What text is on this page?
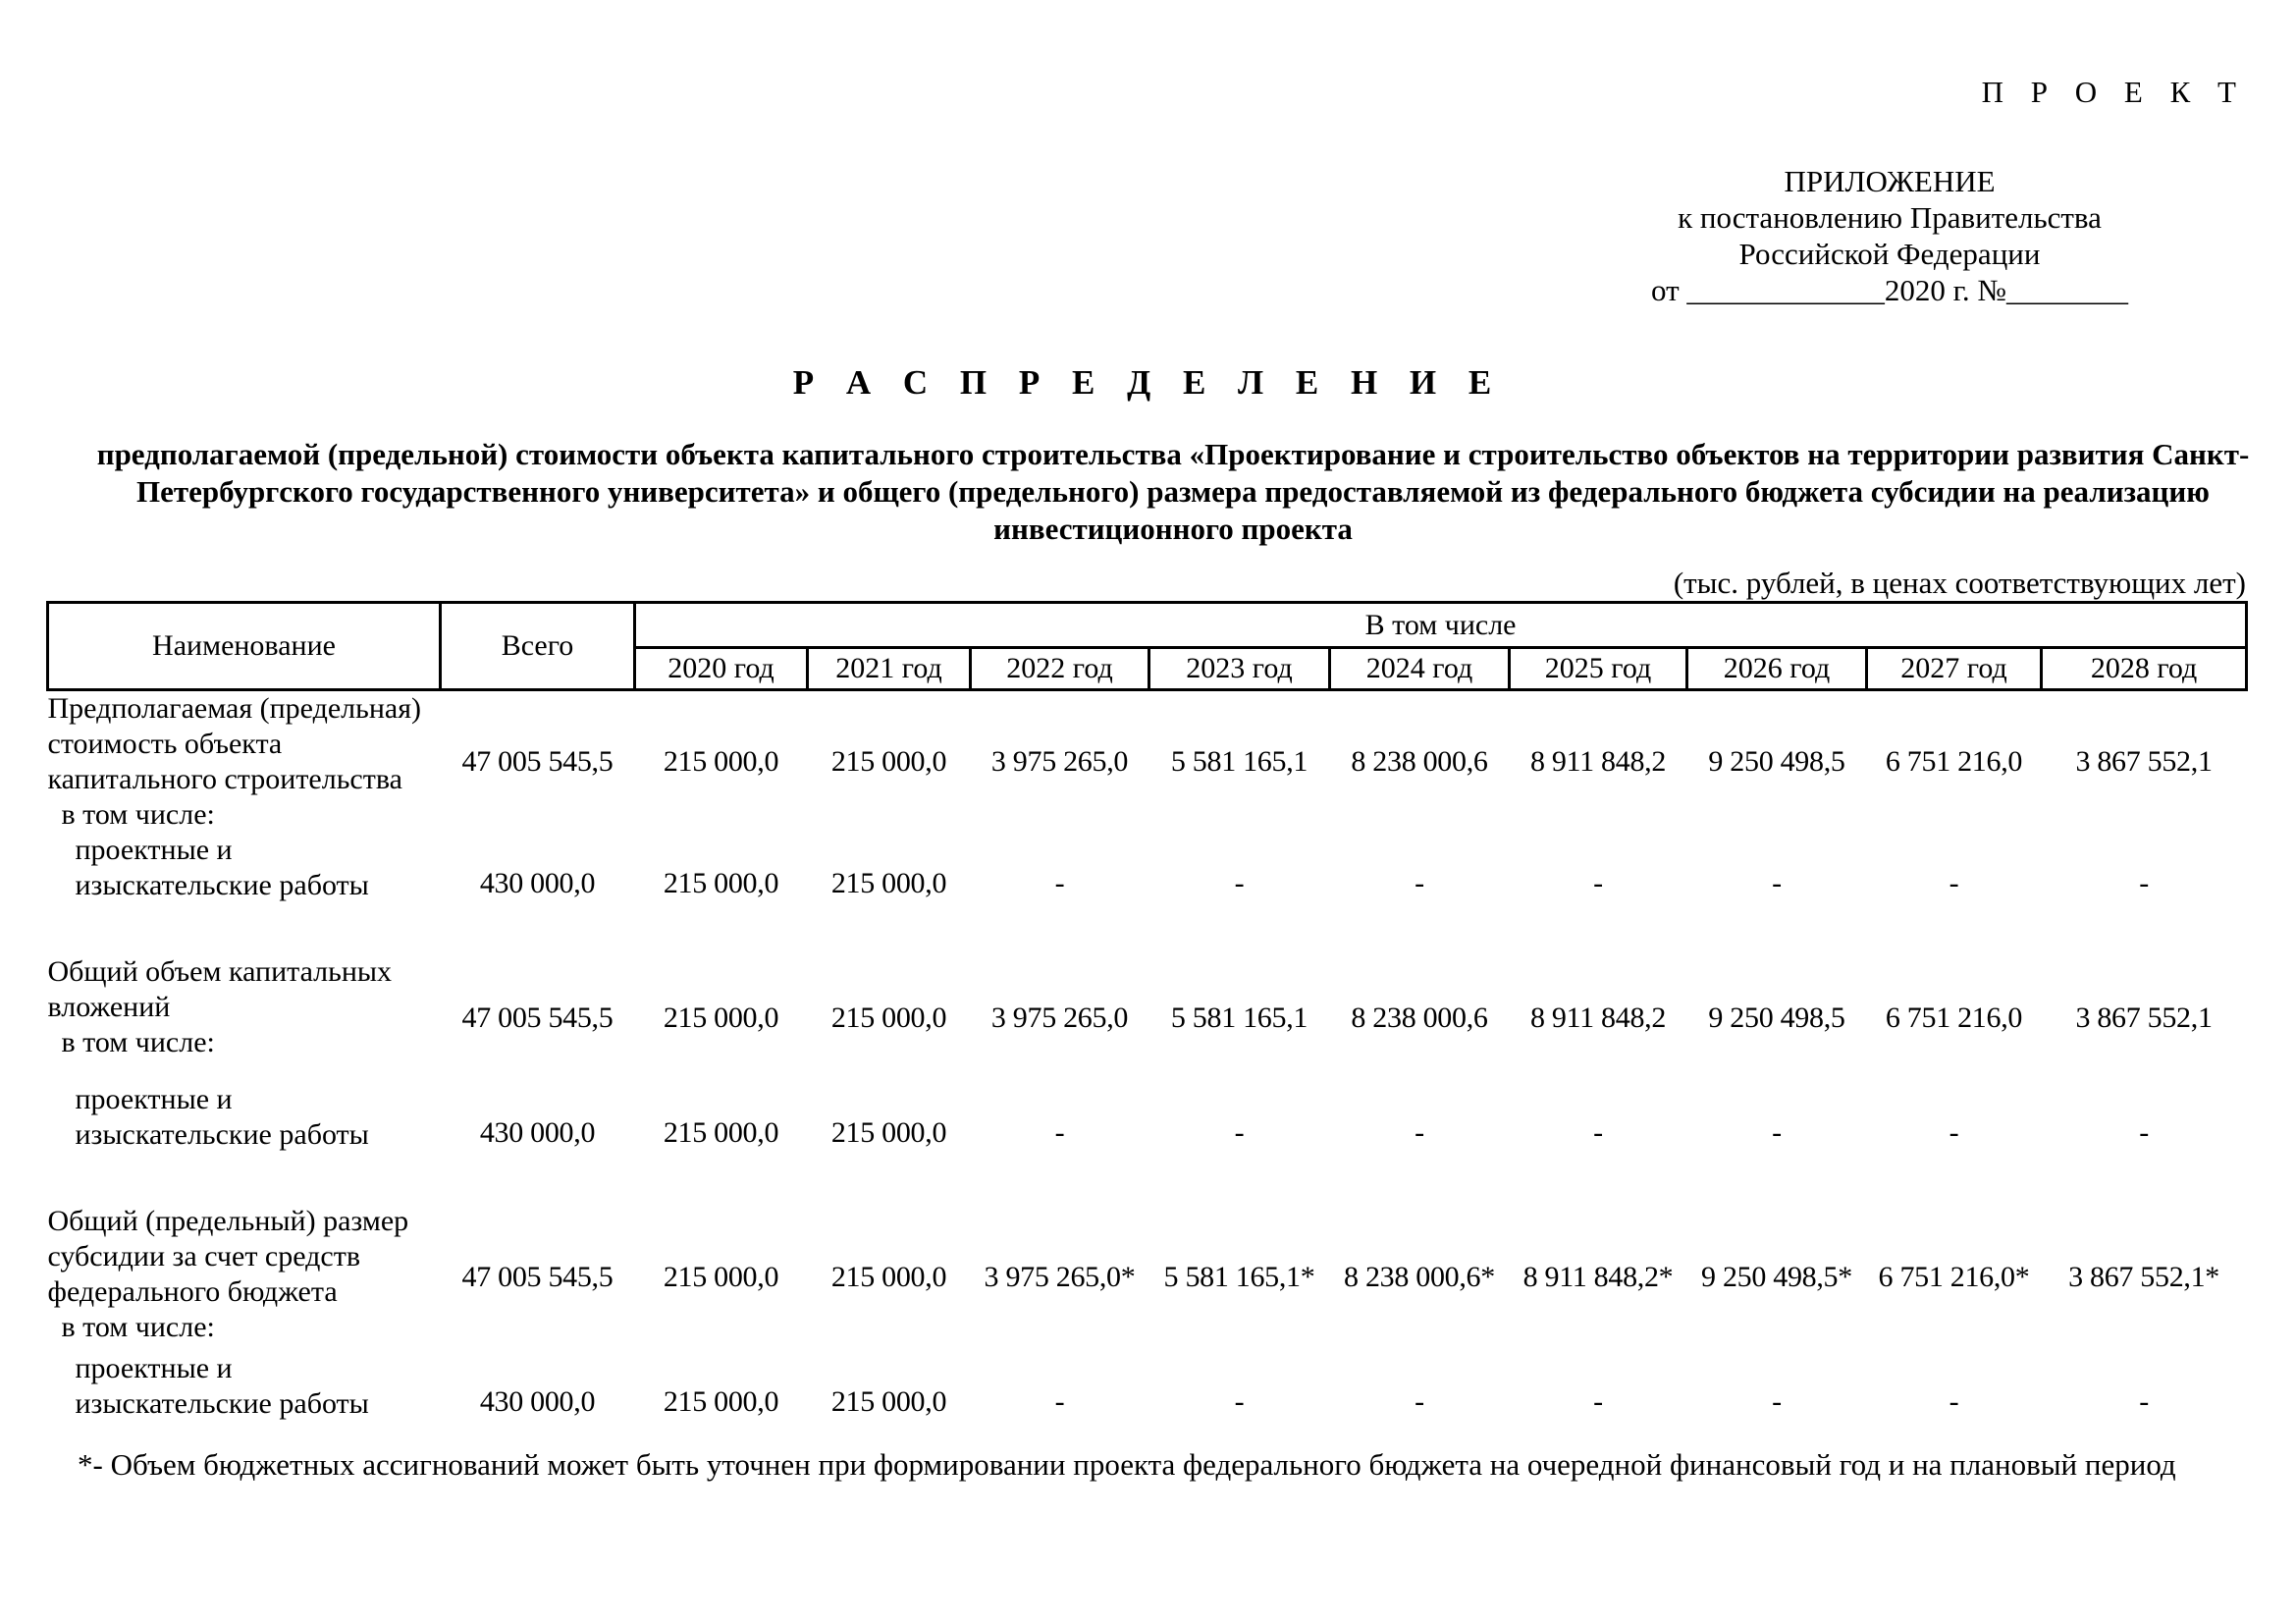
П Р О Е К Т
ПРИЛОЖЕНИЕ
к постановлению Правительства
Российской Федерации
от _____________2020 г. №________
Р А С П Р Е Д Е Л Е Н И Е
предполагаемой (предельной) стоимости объекта капитального строительства «Проектирование и строительство объектов на территории развития Санкт-Петербургского государственного университета» и общего (предельного) размера предоставляемой из федерального бюджета субсидии на реализацию инвестиционного проекта
(тыс. рублей, в ценах соответствующих лет)
Наименование	Всего	В том числе								
		2020 год	2021 год	2022 год	2023 год	2024 год	2025 год	2026 год	2027 год	2028 год

Предполагаемая (предельная)
стоимость объекта
капитального строительства
в том числе:	47 005 545,5	215 000,0	215 000,0	3 975 265,0	5 581 165,1	8 238 000,6	8 911 848,2	9 250 498,5	6 751 216,0	3 867 552,1

проектные и
изыскательские работы	430 000,0	215 000,0	215 000,0	-	-	-	-	-	-	-

Общий объем капитальных
вложений
в том числе:	47 005 545,5	215 000,0	215 000,0	3 975 265,0	5 581 165,1	8 238 000,6	8 911 848,2	9 250 498,5	6 751 216,0	3 867 552,1

проектные и
изыскательские работы	430 000,0	215 000,0	215 000,0	-	-	-	-	-	-	-

Общий (предельный) размер
субсидии за счет средств
федерального бюджета
в том числе:	47 005 545,5	215 000,0	215 000,0	3 975 265,0*	5 581 165,1*	8 238 000,6*	8 911 848,2*	9 250 498,5*	6 751 216,0*	3 867 552,1*

проектные и
изыскательские работы	430 000,0	215 000,0	215 000,0	-	-	-	-	-	-	-
*- Объем бюджетных ассигнований может быть уточнен при формировании проекта федерального бюджета на очередной финансовый год и на плановый период
